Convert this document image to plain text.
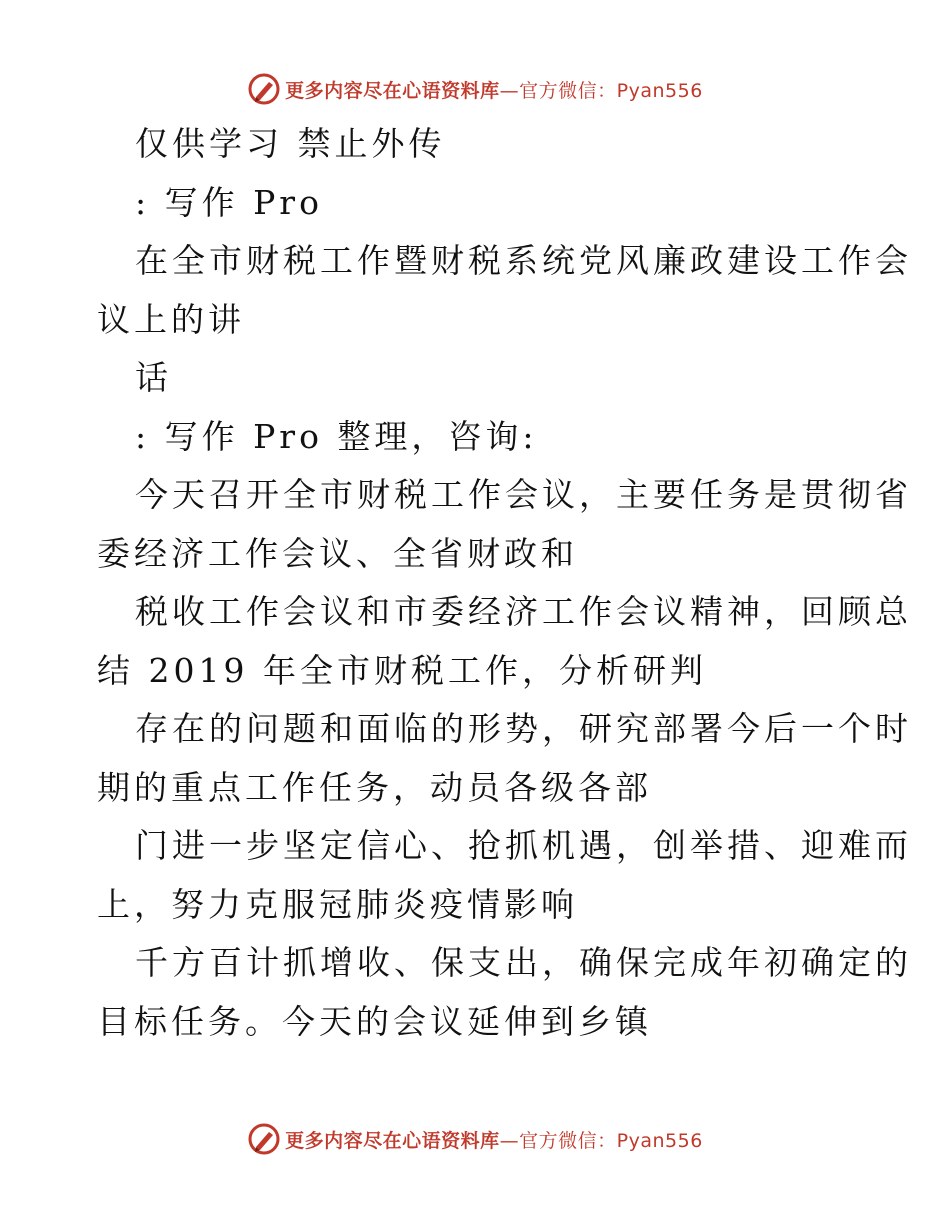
更多内容尽在心语资料库—官方微信：Pyan556
仅供学习 禁止外传
: 写作 Pro
在全市财税工作暨财税系统党风廉政建设工作会
议上的讲
话
: 写作 Pro 整理，咨询:
今天召开全市财税工作会议，主要任务是贯彻省
委经济工作会议、全省财政和
税收工作会议和市委经济工作会议精神，回顾总
结 2019 年全市财税工作，分析研判
存在的问题和面临的形势，研究部署今后一个时
期的重点工作任务，动员各级各部
门进一步坚定信心、抢抓机遇，创举措、迎难而
上，努力克服冠肺炎疫情影响
千方百计抓增收、保支出，确保完成年初确定的
目标任务。今天的会议延伸到乡镇
更多内容尽在心语资料库—官方微信：Pyan556
